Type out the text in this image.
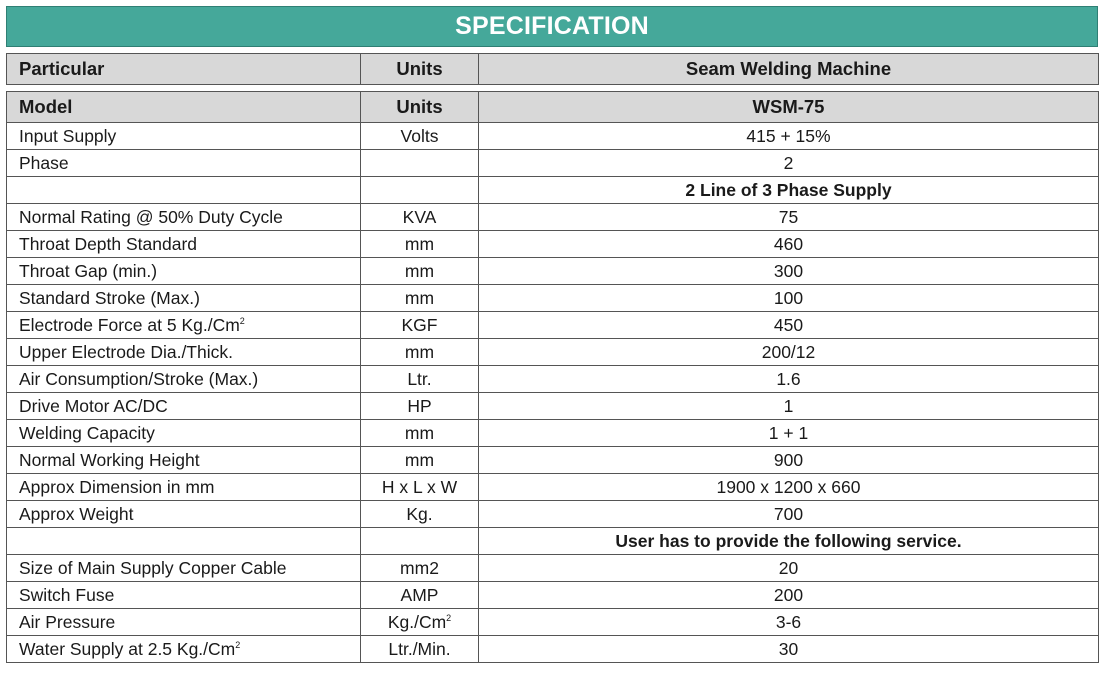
SPECIFICATION
Particular	Units	Seam Welding Machine
Model	Units	WSM-75
Input Supply	Volts	415 + 15%
Phase		2
		2 Line of 3 Phase Supply
Normal Rating @ 50% Duty Cycle	KVA	75
Throat Depth Standard	mm	460
Throat Gap (min.)	mm	300
Standard Stroke (Max.)	mm	100
Electrode Force at 5 Kg./Cm$^2$	KGF	450
Upper Electrode Dia./Thick.	mm	200/12
Air Consumption/Stroke (Max.)	Ltr.	1.6
Drive Motor AC/DC	HP	1
Welding Capacity	mm	1 + 1
Normal Working Height	mm	900
Approx Dimension in mm	H x L x W	1900 x 1200 x 660
Approx Weight	Kg.	700
		User has to provide the following service.
Size of Main Supply Copper Cable	mm2	20
Switch Fuse	AMP	200
Air Pressure	Kg./Cm$^2$	3-6
Water Supply at 2.5 Kg./Cm$^2$	Ltr./Min.	30
